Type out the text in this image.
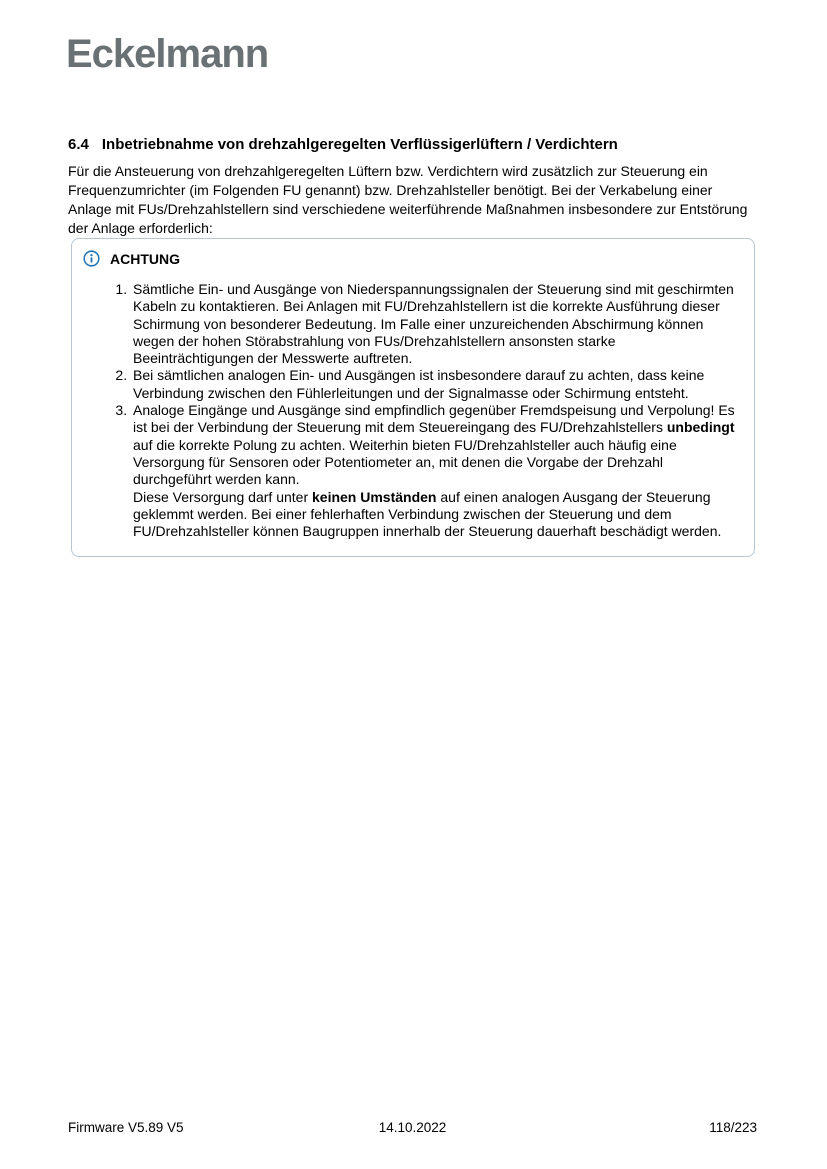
Eckelmann
6.4 Inbetriebnahme von drehzahlgeregelten Verflüssigerlüftern / Verdichtern

Für die Ansteuerung von drehzahlgeregelten Lüftern bzw. Verdichtern wird zusätzlich zur Steuerung ein Frequenzumrichter (im Folgenden FU genannt) bzw. Drehzahlsteller benötigt. Bei der Verkabelung einer Anlage mit FUs/Drehzahlstellern sind verschiedene weiterführende Maßnahmen insbesondere zur Entstörung der Anlage erforderlich:

ACHTUNG
1. Sämtliche Ein- und Ausgänge von Niederspannungssignalen der Steuerung sind mit geschirmten Kabeln zu kontaktieren. Bei Anlagen mit FU/Drehzahlstellern ist die korrekte Ausführung dieser Schirmung von besonderer Bedeutung. Im Falle einer unzureichenden Abschirmung können wegen der hohen Störabstrahlung von FUs/Drehzahlstellern ansonsten starke Beeinträchtigungen der Messwerte auftreten.
2. Bei sämtlichen analogen Ein- und Ausgängen ist insbesondere darauf zu achten, dass keine Verbindung zwischen den Fühlerleitungen und der Signalmasse oder Schirmung entsteht.
3. Analoge Eingänge und Ausgänge sind empfindlich gegenüber Fremdspeisung und Verpolung! Es ist bei der Verbindung der Steuerung mit dem Steuereingang des FU/Drehzahlstellers unbedingt auf die korrekte Polung zu achten. Weiterhin bieten FU/Drehzahlsteller auch häufig eine Versorgung für Sensoren oder Potentiometer an, mit denen die Vorgabe der Drehzahl durchgeführt werden kann.
Diese Versorgung darf unter keinen Umständen auf einen analogen Ausgang der Steuerung geklemmt werden. Bei einer fehlerhaften Verbindung zwischen der Steuerung und dem FU/Drehzahlsteller können Baugruppen innerhalb der Steuerung dauerhaft beschädigt werden.
Firmware V5.89 V5	14.10.2022	118/223
